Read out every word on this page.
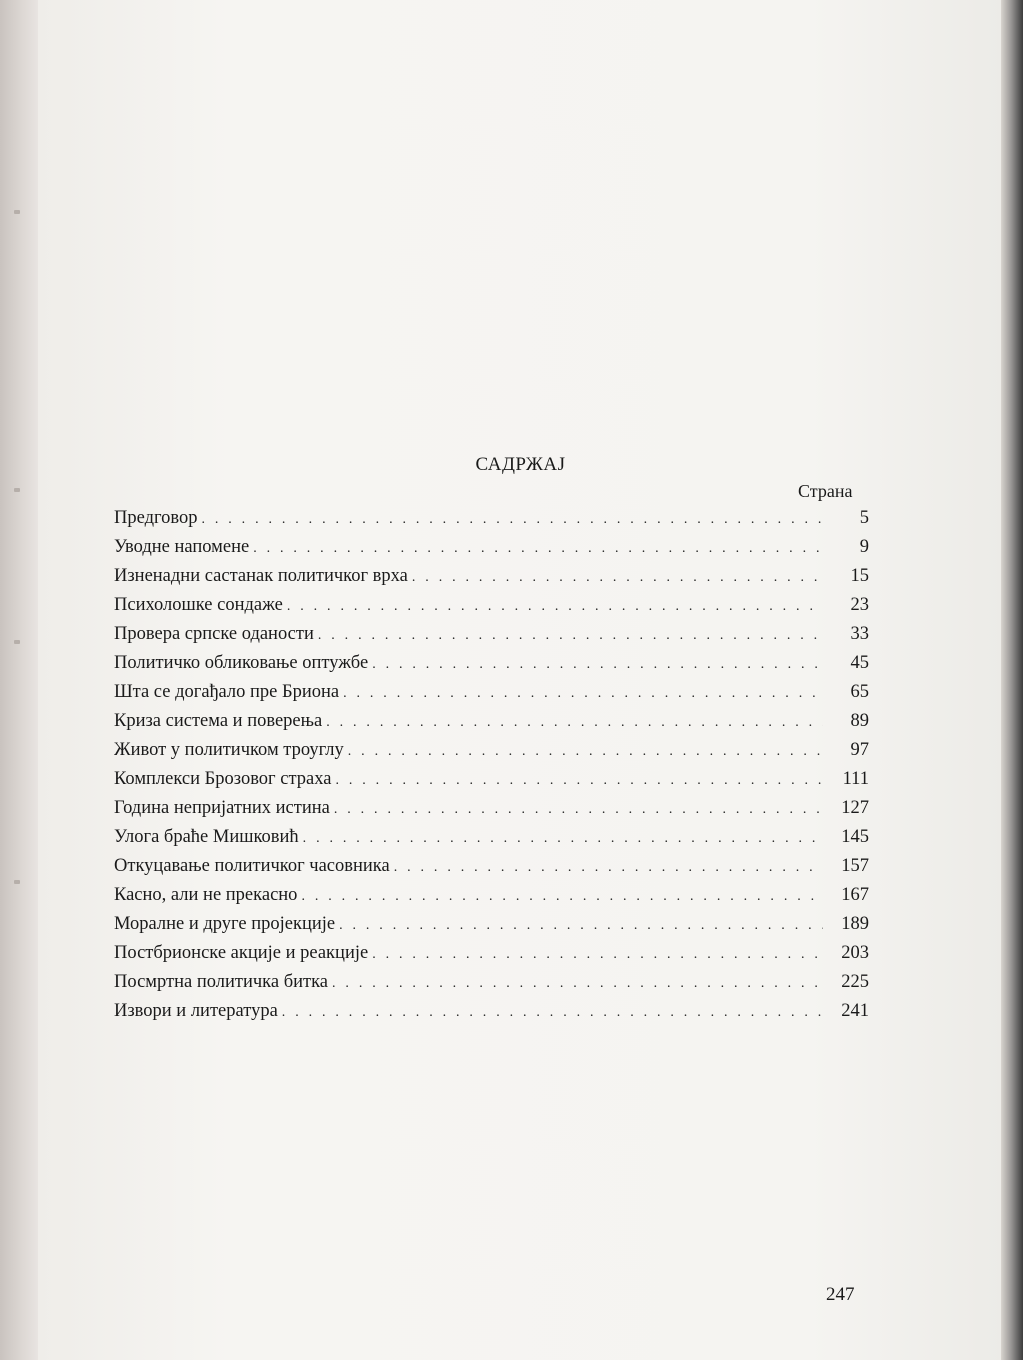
САДРЖАЈ
Страна
Предговор . . .	5
Уводне напомене . . .	9
Изненадни састанак политичког врха . . .	15
Психолошке сондаже . . .	23
Провера српске оданости . . .	33
Политичко обликовање оптужбе . . .	45
Шта се догађало пре Бриона . . .	65
Криза система и поверења . . .	89
Живот у политичком троуглу . . .	97
Комплекси Брозовог страха . . .	111
Година непријатних истина . . .	127
Улога браће Мишковић . . .	145
Откуцавање политичког часовника . . .	157
Касно, али не прекасно . . .	167
Моралне и друге пројекције . . .	189
Постбрионске акције и реакције . . .	203
Посмртна политичка битка . . .	225
Извори и литература . . .	241
247
